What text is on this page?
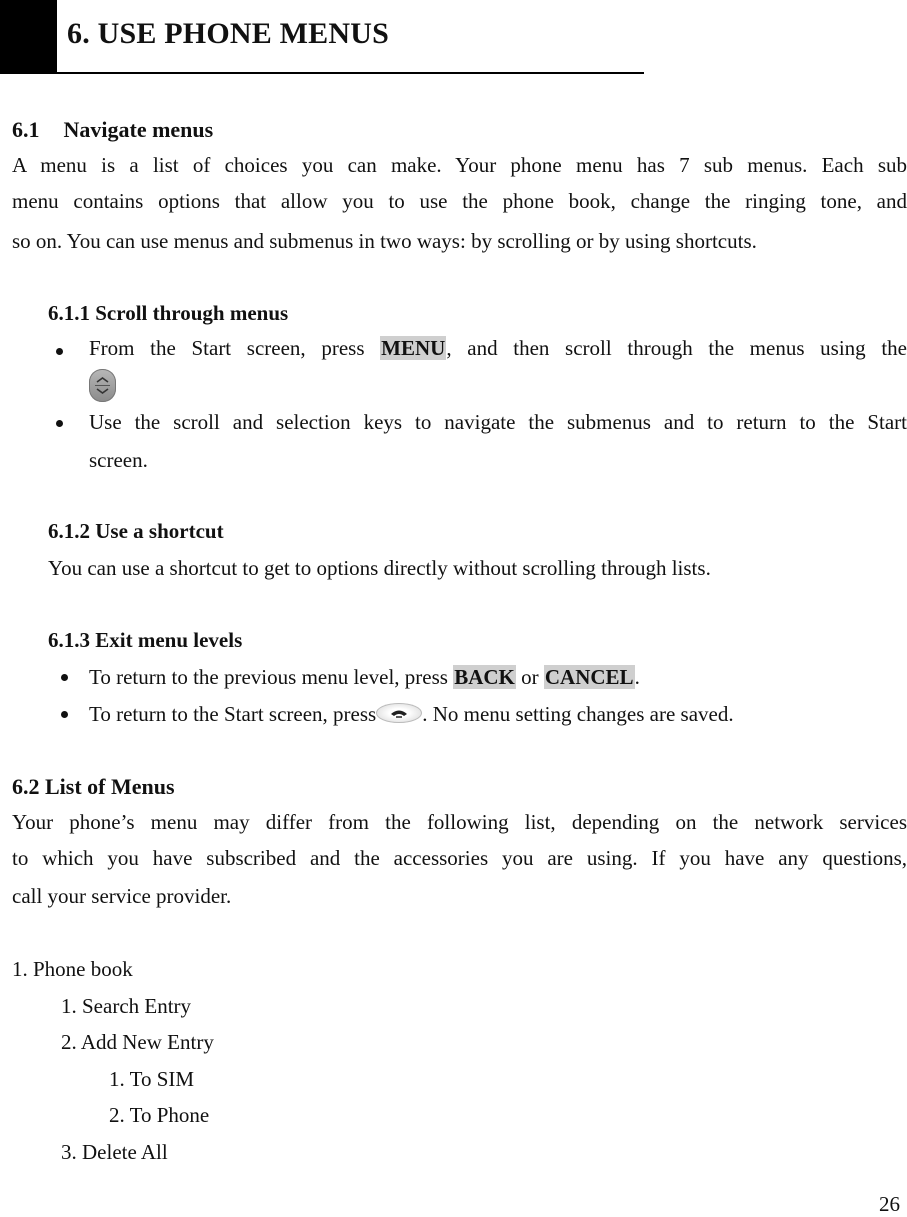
6. USE PHONE MENUS
6.1 Navigate menus
A menu is a list of choices you can make. Your phone menu has 7 sub menus. Each sub
menu contains options that allow you to use the phone book, change the ringing tone, and
so on. You can use menus and submenus in two ways: by scrolling or by using shortcuts.
6.1.1 Scroll through menus
From the Start screen, press MENU, and then scroll through the menus using the
Use the scroll and selection keys to navigate the submenus and to return to the Start
screen.
6.1.2 Use a shortcut
You can use a shortcut to get to options directly without scrolling through lists.
6.1.3 Exit menu levels
To return to the previous menu level, press BACK or CANCEL.
To return to the Start screen, press . No menu setting changes are saved.
6.2 List of Menus
Your phone’s menu may differ from the following list, depending on the network services
to which you have subscribed and the accessories you are using. If you have any questions,
call your service provider.
1. Phone book
1. Search Entry
2. Add New Entry
1. To SIM
2. To Phone
3. Delete All
26
